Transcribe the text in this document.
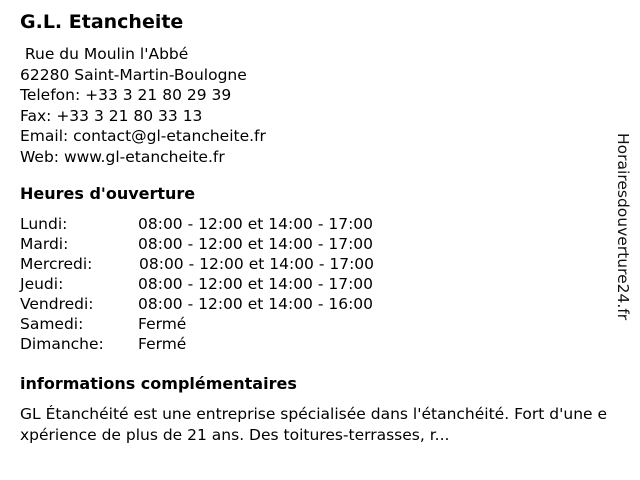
G.L. Etancheite
Rue du Moulin l'Abbé
62280 Saint-Martin-Boulogne
Telefon: +33 3 21 80 29 39
Fax: +33 3 21 80 33 13
Email: contact@gl-etancheite.fr
Web: www.gl-etancheite.fr
Heures d'ouverture
Lundi:	08:00 - 12:00 et 14:00 - 17:00
Mardi:	08:00 - 12:00 et 14:00 - 17:00
Mercredi:	08:00 - 12:00 et 14:00 - 17:00
Jeudi:	08:00 - 12:00 et 14:00 - 17:00
Vendredi:	08:00 - 12:00 et 14:00 - 16:00
Samedi:	Fermé
Dimanche: Fermé
informations complémentaires
GL Étanchéité est une entreprise spécialisée dans l'étanchéité. Fort d'une expérience de plus de 21 ans. Des toitures-terrasses, r...
Horairesdouverture24.fr
